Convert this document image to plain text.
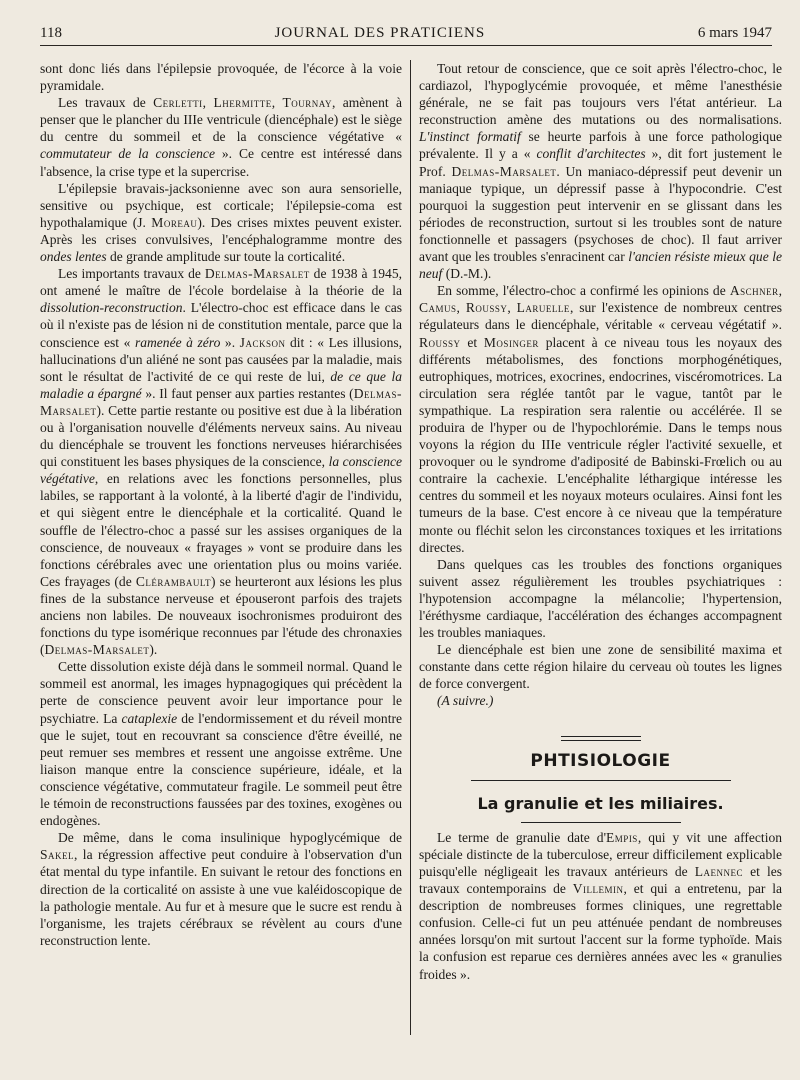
118	JOURNAL DES PRATICIENS	6 mars 1947

sont donc liés dans l'épilepsie provoquée, de l'écorce à la voie pyramidale.

Les travaux de Cerletti, Lhermitte, Tournay, amènent à penser que le plancher du IIIe ventricule (diencéphale) est le siège du centre du sommeil et de la conscience végétative « commutateur de la conscience ». Ce centre est intéressé dans l'absence, la crise type et la supercrise.

L'épilepsie bravais-jacksonienne avec son aura sensorielle, sensitive ou psychique, est corticale; l'épilepsie-coma est hypothalamique (J. Moreau). Des crises mixtes peuvent exister. Après les crises convulsives, l'encéphalogramme montre des ondes lentes de grande amplitude sur toute la corticalité.

Les importants travaux de Delmas-Marsalet de 1938 à 1945, ont amené le maître de l'école bordelaise à la théorie de la dissolution-reconstruction. L'électro-choc est efficace dans le cas où il n'existe pas de lésion ni de constitution mentale, parce que la conscience est « ramenée à zéro ». Jackson dit : « Les illusions, hallucinations d'un aliéné ne sont pas causées par la maladie, mais sont le résultat de l'activité de ce qui reste de lui, de ce que la maladie a épargné ». Il faut penser aux parties restantes (Delmas-Marsalet). Cette partie restante ou positive est due à la libération ou à l'organisation nouvelle d'éléments nerveux sains. Au niveau du diencéphale se trouvent les fonctions nerveuses hiérarchisées qui constituent les bases physiques de la conscience, la conscience végétative, en relations avec les fonctions personnelles, plus labiles, se rapportant à la volonté, à la liberté d'agir de l'individu, et qui siègent entre le diencéphale et la corticalité. Quand le souffle de l'électro-choc a passé sur les assises organiques de la conscience, de nouveaux « frayages » vont se produire dans les fonctions cérébrales avec une orientation plus ou moins variée. Ces frayages (de Clérambault) se heurteront aux lésions les plus fines de la substance nerveuse et épouseront parfois des trajets anciens non labiles. De nouveaux isochronismes produiront des fonctions du type isomérique reconnues par l'étude des chronaxies (Delmas-Marsalet).

Cette dissolution existe déjà dans le sommeil normal. Quand le sommeil est anormal, les images hypnagogiques qui précèdent la perte de conscience peuvent avoir leur importance pour le psychiatre. La cataplexie de l'endormissement et du réveil montre que le sujet, tout en recouvrant sa conscience d'être éveillé, ne peut remuer ses membres et ressent une angoisse extrême. Une liaison manque entre la conscience supérieure, idéale, et la conscience végétative, commutateur fragile. Le sommeil peut être le témoin de reconstructions faussées par des toxines, exogènes ou endogènes.

De même, dans le coma insulinique hypoglycémique de Sakel, la régression affective peut conduire à l'observation d'un état mental du type infantile. En suivant le retour des fonctions en direction de la corticalité on assiste à une vue kaléidoscopique de la pathologie mentale. Au fur et à mesure que le sucre est rendu à l'organisme, les trajets cérébraux se révèlent au cours d'une reconstruction lente.

Tout retour de conscience, que ce soit après l'électro-choc, le cardiazol, l'hypoglycémie provoquée, et même l'anesthésie générale, ne se fait pas toujours vers l'état antérieur. La reconstruction amène des mutations ou des normalisations. L'instinct formatif se heurte parfois à une force pathologique prévalente. Il y a « conflit d'architectes », dit fort justement le Prof. Delmas-Marsalet. Un maniaco-dépressif peut devenir un maniaque typique, un dépressif passe à l'hypocondrie. C'est pourquoi la suggestion peut intervenir en se glissant dans les périodes de reconstruction, surtout si les troubles sont de nature fonctionnelle et passagers (psychoses de choc). Il faut arriver avant que les troubles s'enracinent car l'ancien résiste mieux que le neuf (D.-M.).

En somme, l'électro-choc a confirmé les opinions de Aschner, Camus, Roussy, Laruelle, sur l'existence de nombreux centres régulateurs dans le diencéphale, véritable « cerveau végétatif ». Roussy et Mosinger placent à ce niveau tous les noyaux des différents métabolismes, des fonctions morphogénétiques, eutrophiques, motrices, exocrines, endocrines, viscéromotrices. La circulation sera réglée tantôt par le vague, tantôt par le sympathique. La respiration sera ralentie ou accélérée. Il se produira de l'hyper ou de l'hypochlorémie. Dans le temps nous voyons la région du IIIe ventricule régler l'activité sexuelle, et provoquer ou le syndrome d'adiposité de Babinski-Frœlich ou au contraire la cachexie. L'encéphalite léthargique intéresse les centres du sommeil et les noyaux moteurs oculaires. Ainsi font les tumeurs de la base. C'est encore à ce niveau que la température monte ou fléchit selon les circonstances toxiques et les irritations directes.

Dans quelques cas les troubles des fonctions organiques suivent assez régulièrement les troubles psychiatriques : l'hypotension accompagne la mélancolie; l'hypertension, l'éréthysme cardiaque, l'accélération des échanges accompagnent les troubles maniaques.

Le diencéphale est bien une zone de sensibilité maxima et constante dans cette région hilaire du cerveau où toutes les lignes de force convergent.

(A suivre.)

PHTISIOLOGIE
La granulie et les miliaires.

Le terme de granulie date d'Empis, qui y vit une affection spéciale distincte de la tuberculose, erreur difficilement explicable puisqu'elle négligeait les travaux antérieurs de Laennec et les travaux contemporains de Villemin, et qui a entretenu, par la description de nombreuses formes cliniques, une regrettable confusion. Celle-ci fut un peu atténuée pendant de nombreuses années lorsqu'on mit surtout l'accent sur la forme typhoïde. Mais la confusion est reparue ces dernières années avec les « granulies froides ».
